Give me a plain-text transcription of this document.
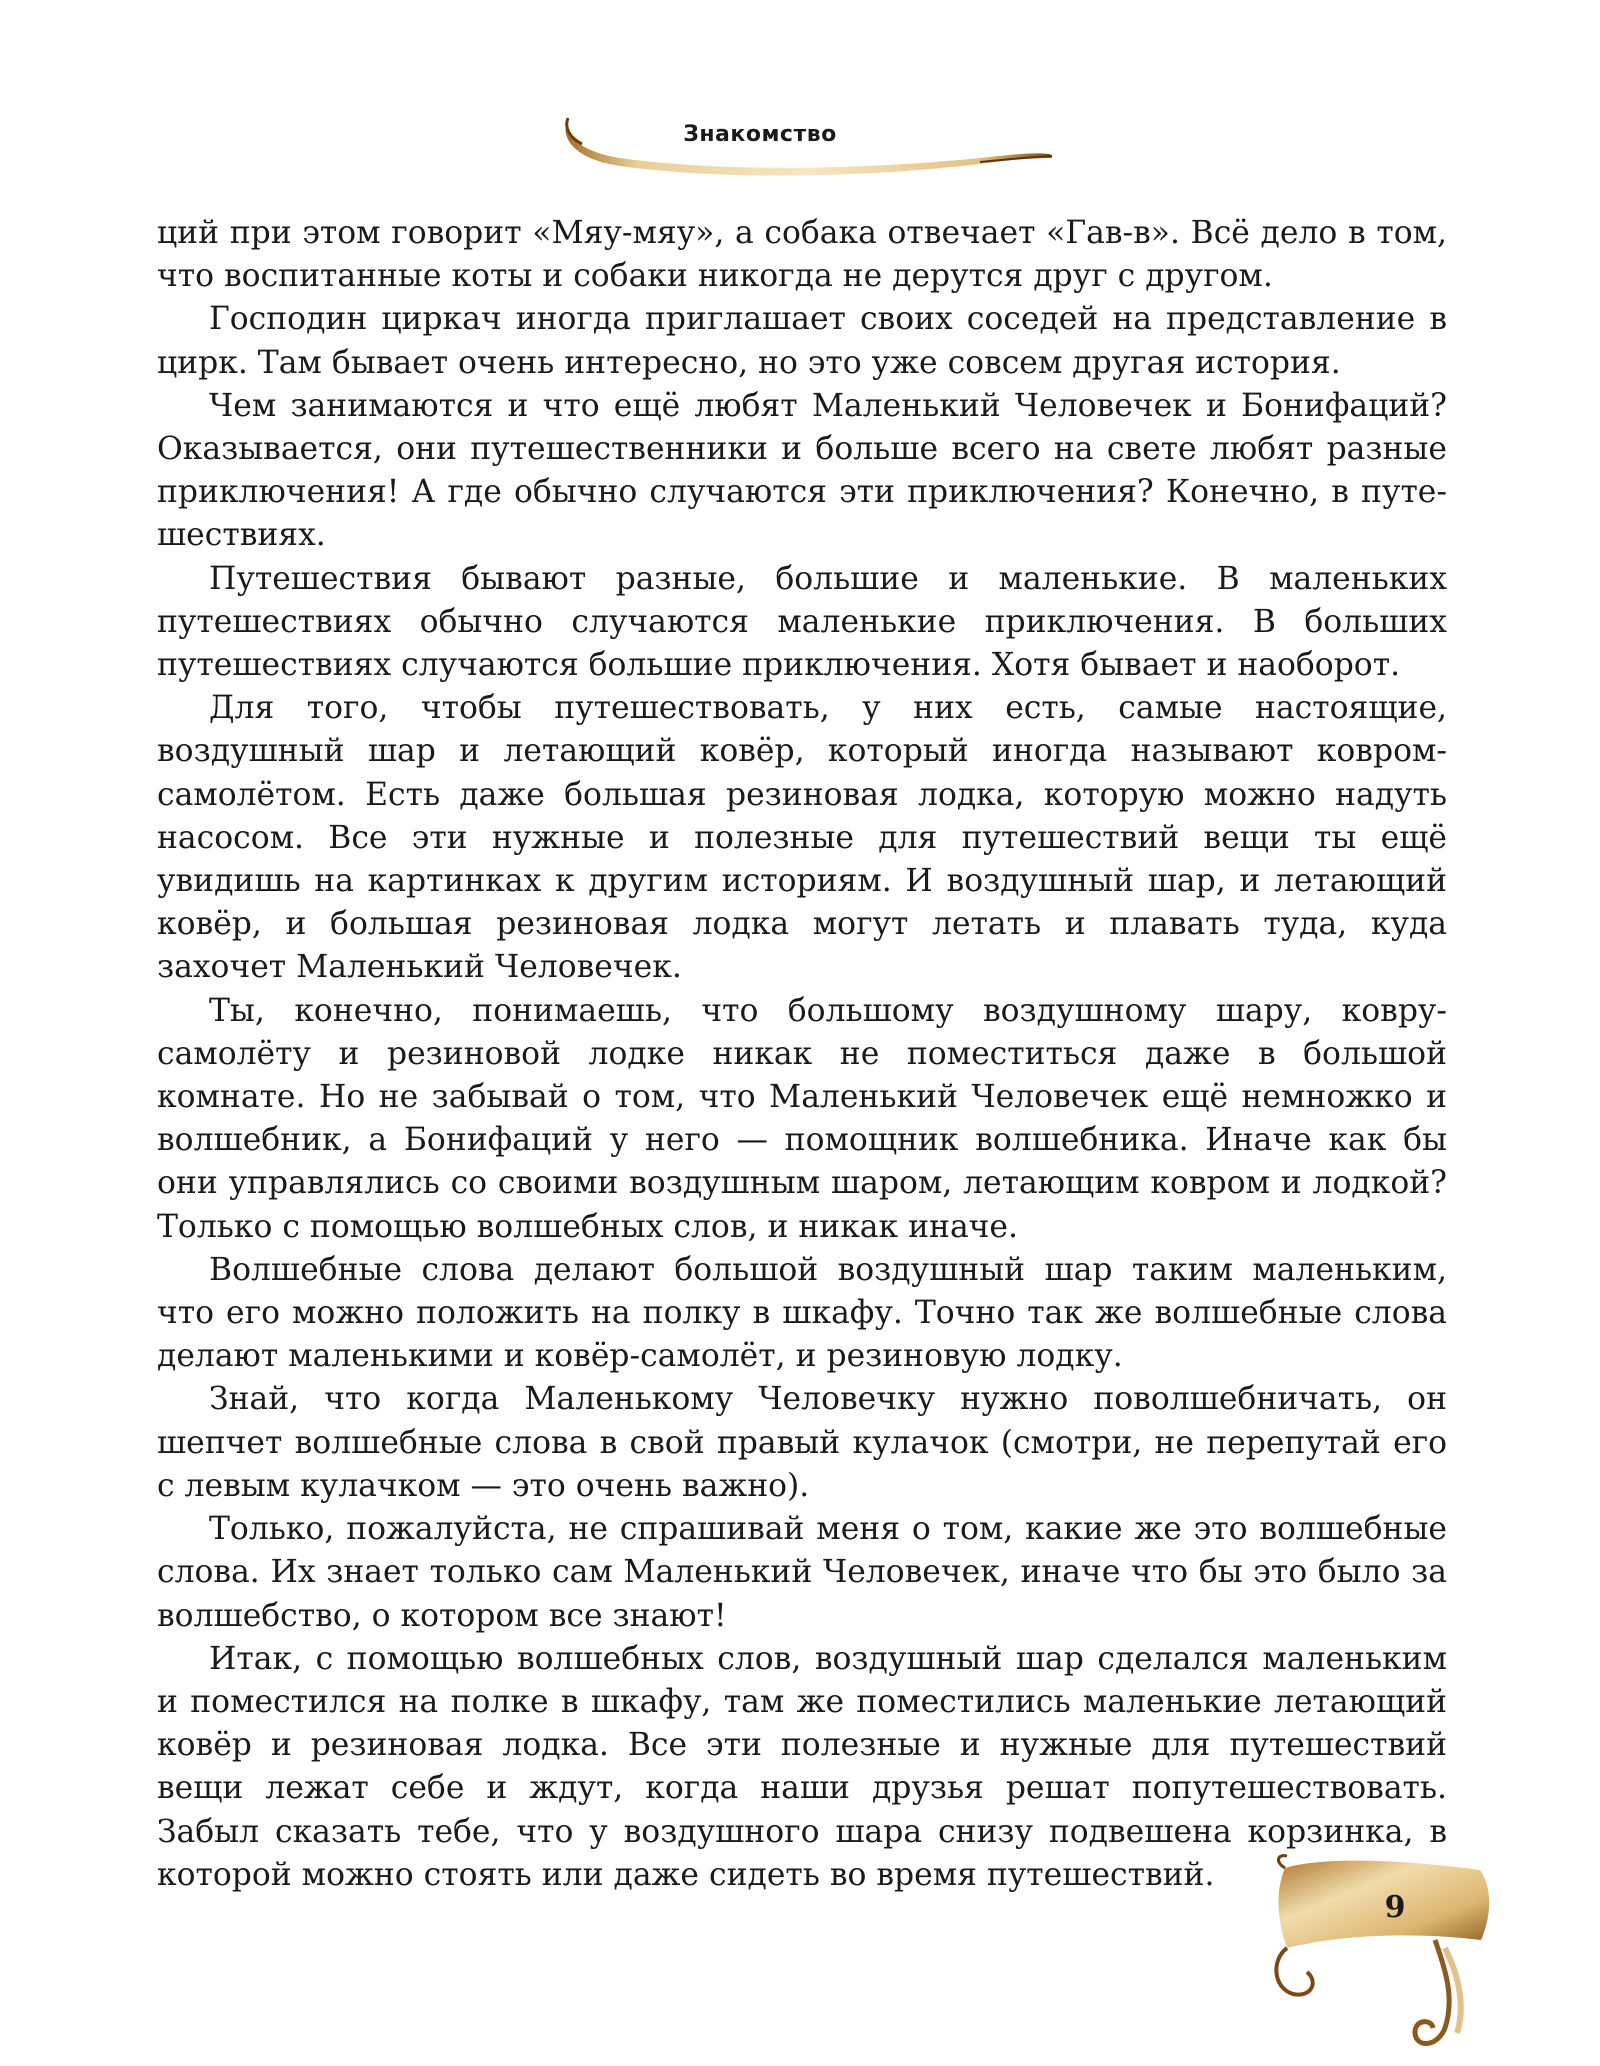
Знакомство

ций при этом говорит «Мяу-мяу», а собака отвечает «Гав-в». Всё дело в том, что воспитанные коты и собаки никогда не дерутся друг с другом.

Господин циркач иногда приглашает своих соседей на представление в цирк. Там бывает очень интересно, но это уже совсем другая история.

Чем занимаются и что ещё любят Маленький Человечек и Бонифаций? Оказывается, они путешественники и больше всего на свете любят разные приключения! А где обычно случаются эти приключения? Конечно, в путешествиях.

Путешествия бывают разные, большие и маленькие. В маленьких путешествиях обычно случаются маленькие приключения. В больших путешествиях случаются большие приключения. Хотя бывает и наоборот.

Для того, чтобы путешествовать, у них есть, самые настоящие, воздушный шар и летающий ковёр, который иногда называют ковром-самолётом. Есть даже большая резиновая лодка, которую можно надуть насосом. Все эти нужные и полезные для путешествий вещи ты ещё увидишь на картинках к другим историям. И воздушный шар, и летающий ковёр, и большая резиновая лодка могут летать и плавать туда, куда захочет Маленький Человечек.

Ты, конечно, понимаешь, что большому воздушному шару, ковру-самолёту и резиновой лодке никак не поместиться даже в большой комнате. Но не забывай о том, что Маленький Человечек ещё немножко и волшебник, а Бонифаций у него — помощник волшебника. Иначе как бы они управлялись со своими воздушным шаром, летающим ковром и лодкой? Только с помощью волшебных слов, и никак иначе.

Волшебные слова делают большой воздушный шар таким маленьким, что его можно положить на полку в шкафу. Точно так же волшебные слова делают маленькими и ковёр-самолёт, и резиновую лодку.

Знай, что когда Маленькому Человечку нужно поволшебничать, он шепчет волшебные слова в свой правый кулачок (смотри, не перепутай его с левым кулачком — это очень важно).

Только, пожалуйста, не спрашивай меня о том, какие же это волшебные слова. Их знает только сам Маленький Человечек, иначе что бы это было за волшебство, о котором все знают!

Итак, с помощью волшебных слов, воздушный шар сделался маленьким и поместился на полке в шкафу, там же поместились маленькие летающий ковёр и резиновая лодка. Все эти полезные и нужные для путешествий вещи лежат себе и ждут, когда наши друзья решат попутешествовать. Забыл сказать тебе, что у воздушного шара снизу подвешена корзинка, в которой можно стоять или даже сидеть во время путешествий.

9
